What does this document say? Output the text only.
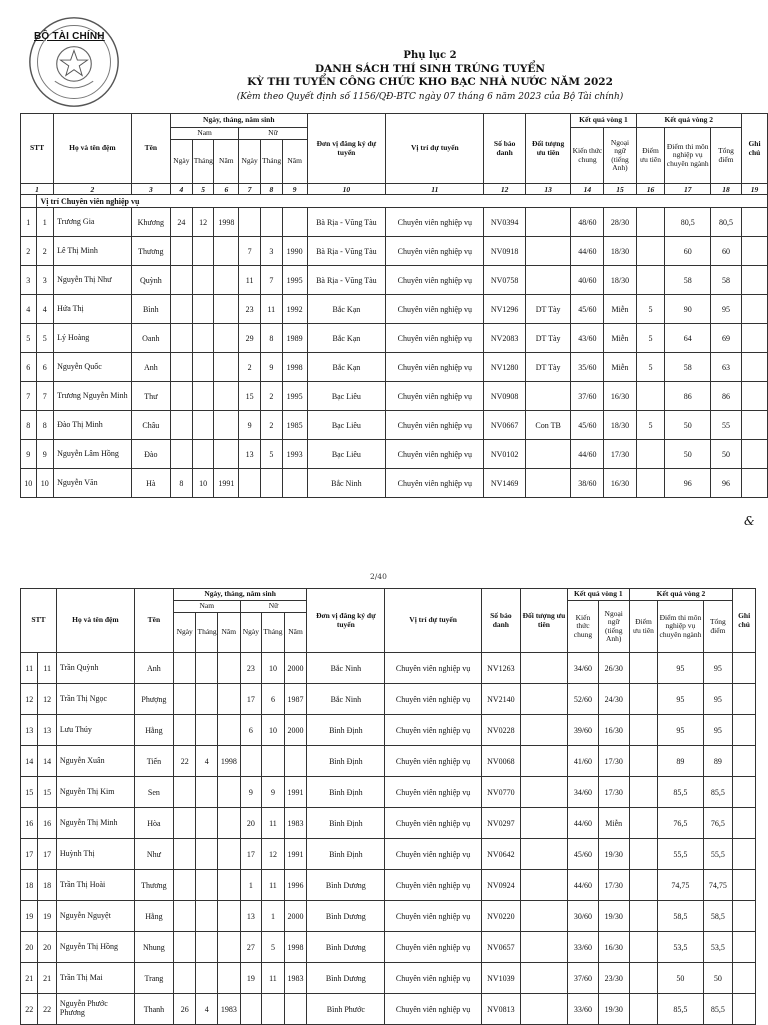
BỘ TÀI CHÍNH
Phụ lục 2
DANH SÁCH THÍ SINH TRÚNG TUYỂN
KỲ THI TUYỂN CÔNG CHỨC KHO BẠC NHÀ NƯỚC NĂM 2022
(Kèm theo Quyết định số 1156/QĐ-BTC ngày 07 tháng 6 năm 2023 của Bộ Tài chính)
STT		Họ và tên đệm	Tên	Ngày, tháng, năm sinh						Đơn vị đăng ký dự tuyển	Vị trí dự tuyển	Số báo danh	Đối tượng ưu tiên	Kết quả vòng 1		Kết quả vòng 2			Ghi chú
				Nam			Nữ							Kiến thức chung	Ngoại ngữ (tiếng Anh)	Điểm ưu tiên	Điểm thi môn nghiệp vụ chuyên ngành	Tổng điểm	
				Ngày	Tháng	Năm	Ngày	Tháng	Năm										
1		2	3	4	5	6	7	8	9	10	11	12	13	14	15	16	17	18	19
	Vị trí Chuyên viên nghiệp vụ																		
1	1	Trương Gia	Khương	24	12	1998				Bà Rịa - Vũng Tàu	Chuyên viên nghiệp vụ	NV0394		48/60	28/30		80,5	80,5	
2	2	Lê Thị Minh	Thương				7	3	1990	Bà Rịa - Vũng Tàu	Chuyên viên nghiệp vụ	NV0918		44/60	18/30		60	60	
3	3	Nguyễn Thị Như	Quỳnh				11	7	1995	Bà Rịa - Vũng Tàu	Chuyên viên nghiệp vụ	NV0758		40/60	18/30		58	58	
4	4	Hứa Thị	Bình				23	11	1992	Bắc Kạn	Chuyên viên nghiệp vụ	NV1296	DT Tày	45/60	Miễn	5	90	95	
5	5	Lý Hoàng	Oanh				29	8	1989	Bắc Kạn	Chuyên viên nghiệp vụ	NV2083	DT Tày	43/60	Miễn	5	64	69	
6	6	Nguyễn Quốc	Anh				2	9	1998	Bắc Kạn	Chuyên viên nghiệp vụ	NV1280	DT Tày	35/60	Miễn	5	58	63	
7	7	Trương Nguyễn Minh	Thư				15	2	1995	Bạc Liêu	Chuyên viên nghiệp vụ	NV0908		37/60	16/30		86	86	
8	8	Đào Thị Minh	Châu				9	2	1985	Bạc Liêu	Chuyên viên nghiệp vụ	NV0667	Con TB	45/60	18/30	5	50	55	
9	9	Nguyễn Lâm Hồng	Đào				13	5	1993	Bạc Liêu	Chuyên viên nghiệp vụ	NV0102		44/60	17/30		50	50	
10	10	Nguyễn Văn	Hà	8	10	1991				Bắc Ninh	Chuyên viên nghiệp vụ	NV1469		38/60	16/30		96	96	
&
2/40
STT		Họ và tên đệm	Tên	Ngày, tháng, năm sinh						Đơn vị đăng ký dự tuyển	Vị trí dự tuyển	Số báo danh	Đối tượng ưu tiên	Kết quả vòng 1		Kết quả vòng 2			Ghi chú
				Nam			Nữ							Kiến thức chung	Ngoại ngữ (tiếng Anh)	Điểm ưu tiên	Điểm thi môn nghiệp vụ chuyên ngành	Tổng điểm	
				Ngày	Tháng	Năm	Ngày	Tháng	Năm										
11	11	Trần Quỳnh	Anh				23	10	2000	Bắc Ninh	Chuyên viên nghiệp vụ	NV1263		34/60	26/30		95	95	
12	12	Trần Thị Ngọc	Phượng				17	6	1987	Bắc Ninh	Chuyên viên nghiệp vụ	NV2140		52/60	24/30		95	95	
13	13	Lưu Thúy	Hằng				6	10	2000	Bình Định	Chuyên viên nghiệp vụ	NV0228		39/60	16/30		95	95	
14	14	Nguyễn Xuân	Tiến	22	4	1998				Bình Định	Chuyên viên nghiệp vụ	NV0068		41/60	17/30		89	89	
15	15	Nguyễn Thị Kim	Sen				9	9	1991	Bình Định	Chuyên viên nghiệp vụ	NV0770		34/60	17/30		85,5	85,5	
16	16	Nguyễn Thị Minh	Hòa				20	11	1983	Bình Định	Chuyên viên nghiệp vụ	NV0297		44/60	Miễn		76,5	76,5	
17	17	Huỳnh Thị	Như				17	12	1991	Bình Định	Chuyên viên nghiệp vụ	NV0642		45/60	19/30		55,5	55,5	
18	18	Trần Thị Hoài	Thương				1	11	1996	Bình Dương	Chuyên viên nghiệp vụ	NV0924		44/60	17/30		74,75	74,75	
19	19	Nguyễn Nguyệt	Hằng				13	1	2000	Bình Dương	Chuyên viên nghiệp vụ	NV0220		30/60	19/30		58,5	58,5	
20	20	Nguyễn Thị Hồng	Nhung				27	5	1998	Bình Dương	Chuyên viên nghiệp vụ	NV0657		33/60	16/30		53,5	53,5	
21	21	Trần Thị Mai	Trang				19	11	1983	Bình Dương	Chuyên viên nghiệp vụ	NV1039		37/60	23/30		50	50	
22	22	Nguyễn Phước Phương	Thanh	26	4	1983				Bình Phước	Chuyên viên nghiệp vụ	NV0813		33/60	19/30		85,5	85,5	
